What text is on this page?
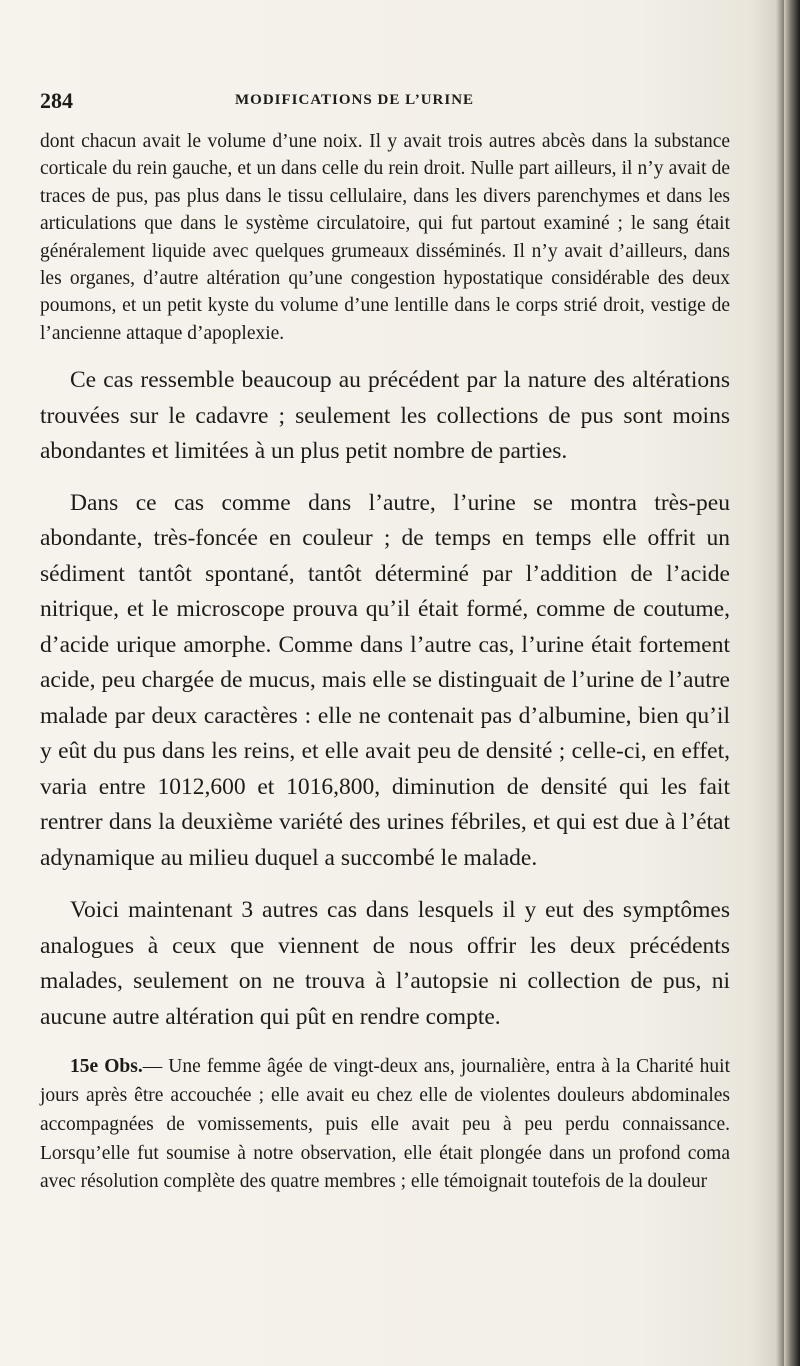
284	MODIFICATIONS DE L’URINE

dont chacun avait le volume d’une noix. Il y avait trois autres abcès dans la substance corticale du rein gauche, et un dans celle du rein droit. Nulle part ailleurs, il n’y avait de traces de pus, pas plus dans le tissu cellulaire, dans les divers parenchymes et dans les articulations que dans le système circulatoire, qui fut partout examiné ; le sang était généralement liquide avec quelques grumeaux disséminés. Il n’y avait d’ailleurs, dans les organes, d’autre altération qu’une congestion hypostatique considérable des deux poumons, et un petit kyste du volume d’une lentille dans le corps strié droit, vestige de l’ancienne attaque d’apoplexie.

Ce cas ressemble beaucoup au précédent par la nature des altérations trouvées sur le cadavre ; seulement les collections de pus sont moins abondantes et limitées à un plus petit nombre de parties.

Dans ce cas comme dans l’autre, l’urine se montra très-peu abondante, très-foncée en couleur ; de temps en temps elle offrit un sédiment tantôt spontané, tantôt déterminé par l’addition de l’acide nitrique, et le microscope prouva qu’il était formé, comme de coutume, d’acide urique amorphe. Comme dans l’autre cas, l’urine était fortement acide, peu chargée de mucus, mais elle se distinguait de l’urine de l’autre malade par deux caractères : elle ne contenait pas d’albumine, bien qu’il y eût du pus dans les reins, et elle avait peu de densité ; celle-ci, en effet, varia entre 1012,600 et 1016,800, diminution de densité qui les fait rentrer dans la deuxième variété des urines fébriles, et qui est due à l’état adynamique au milieu duquel a succombé le malade.

Voici maintenant 3 autres cas dans lesquels il y eut des symptômes analogues à ceux que viennent de nous offrir les deux précédents malades, seulement on ne trouva à l’autopsie ni collection de pus, ni aucune autre altération qui pût en rendre compte.

15e Obs.— Une femme âgée de vingt-deux ans, journalière, entra à la Charité huit jours après être accouchée ; elle avait eu chez elle de violentes douleurs abdominales accompagnées de vomissements, puis elle avait peu à peu perdu connaissance. Lorsqu’elle fut soumise à notre observation, elle était plongée dans un profond coma avec résolution complète des quatre membres ; elle témoignait toutefois de la douleur
